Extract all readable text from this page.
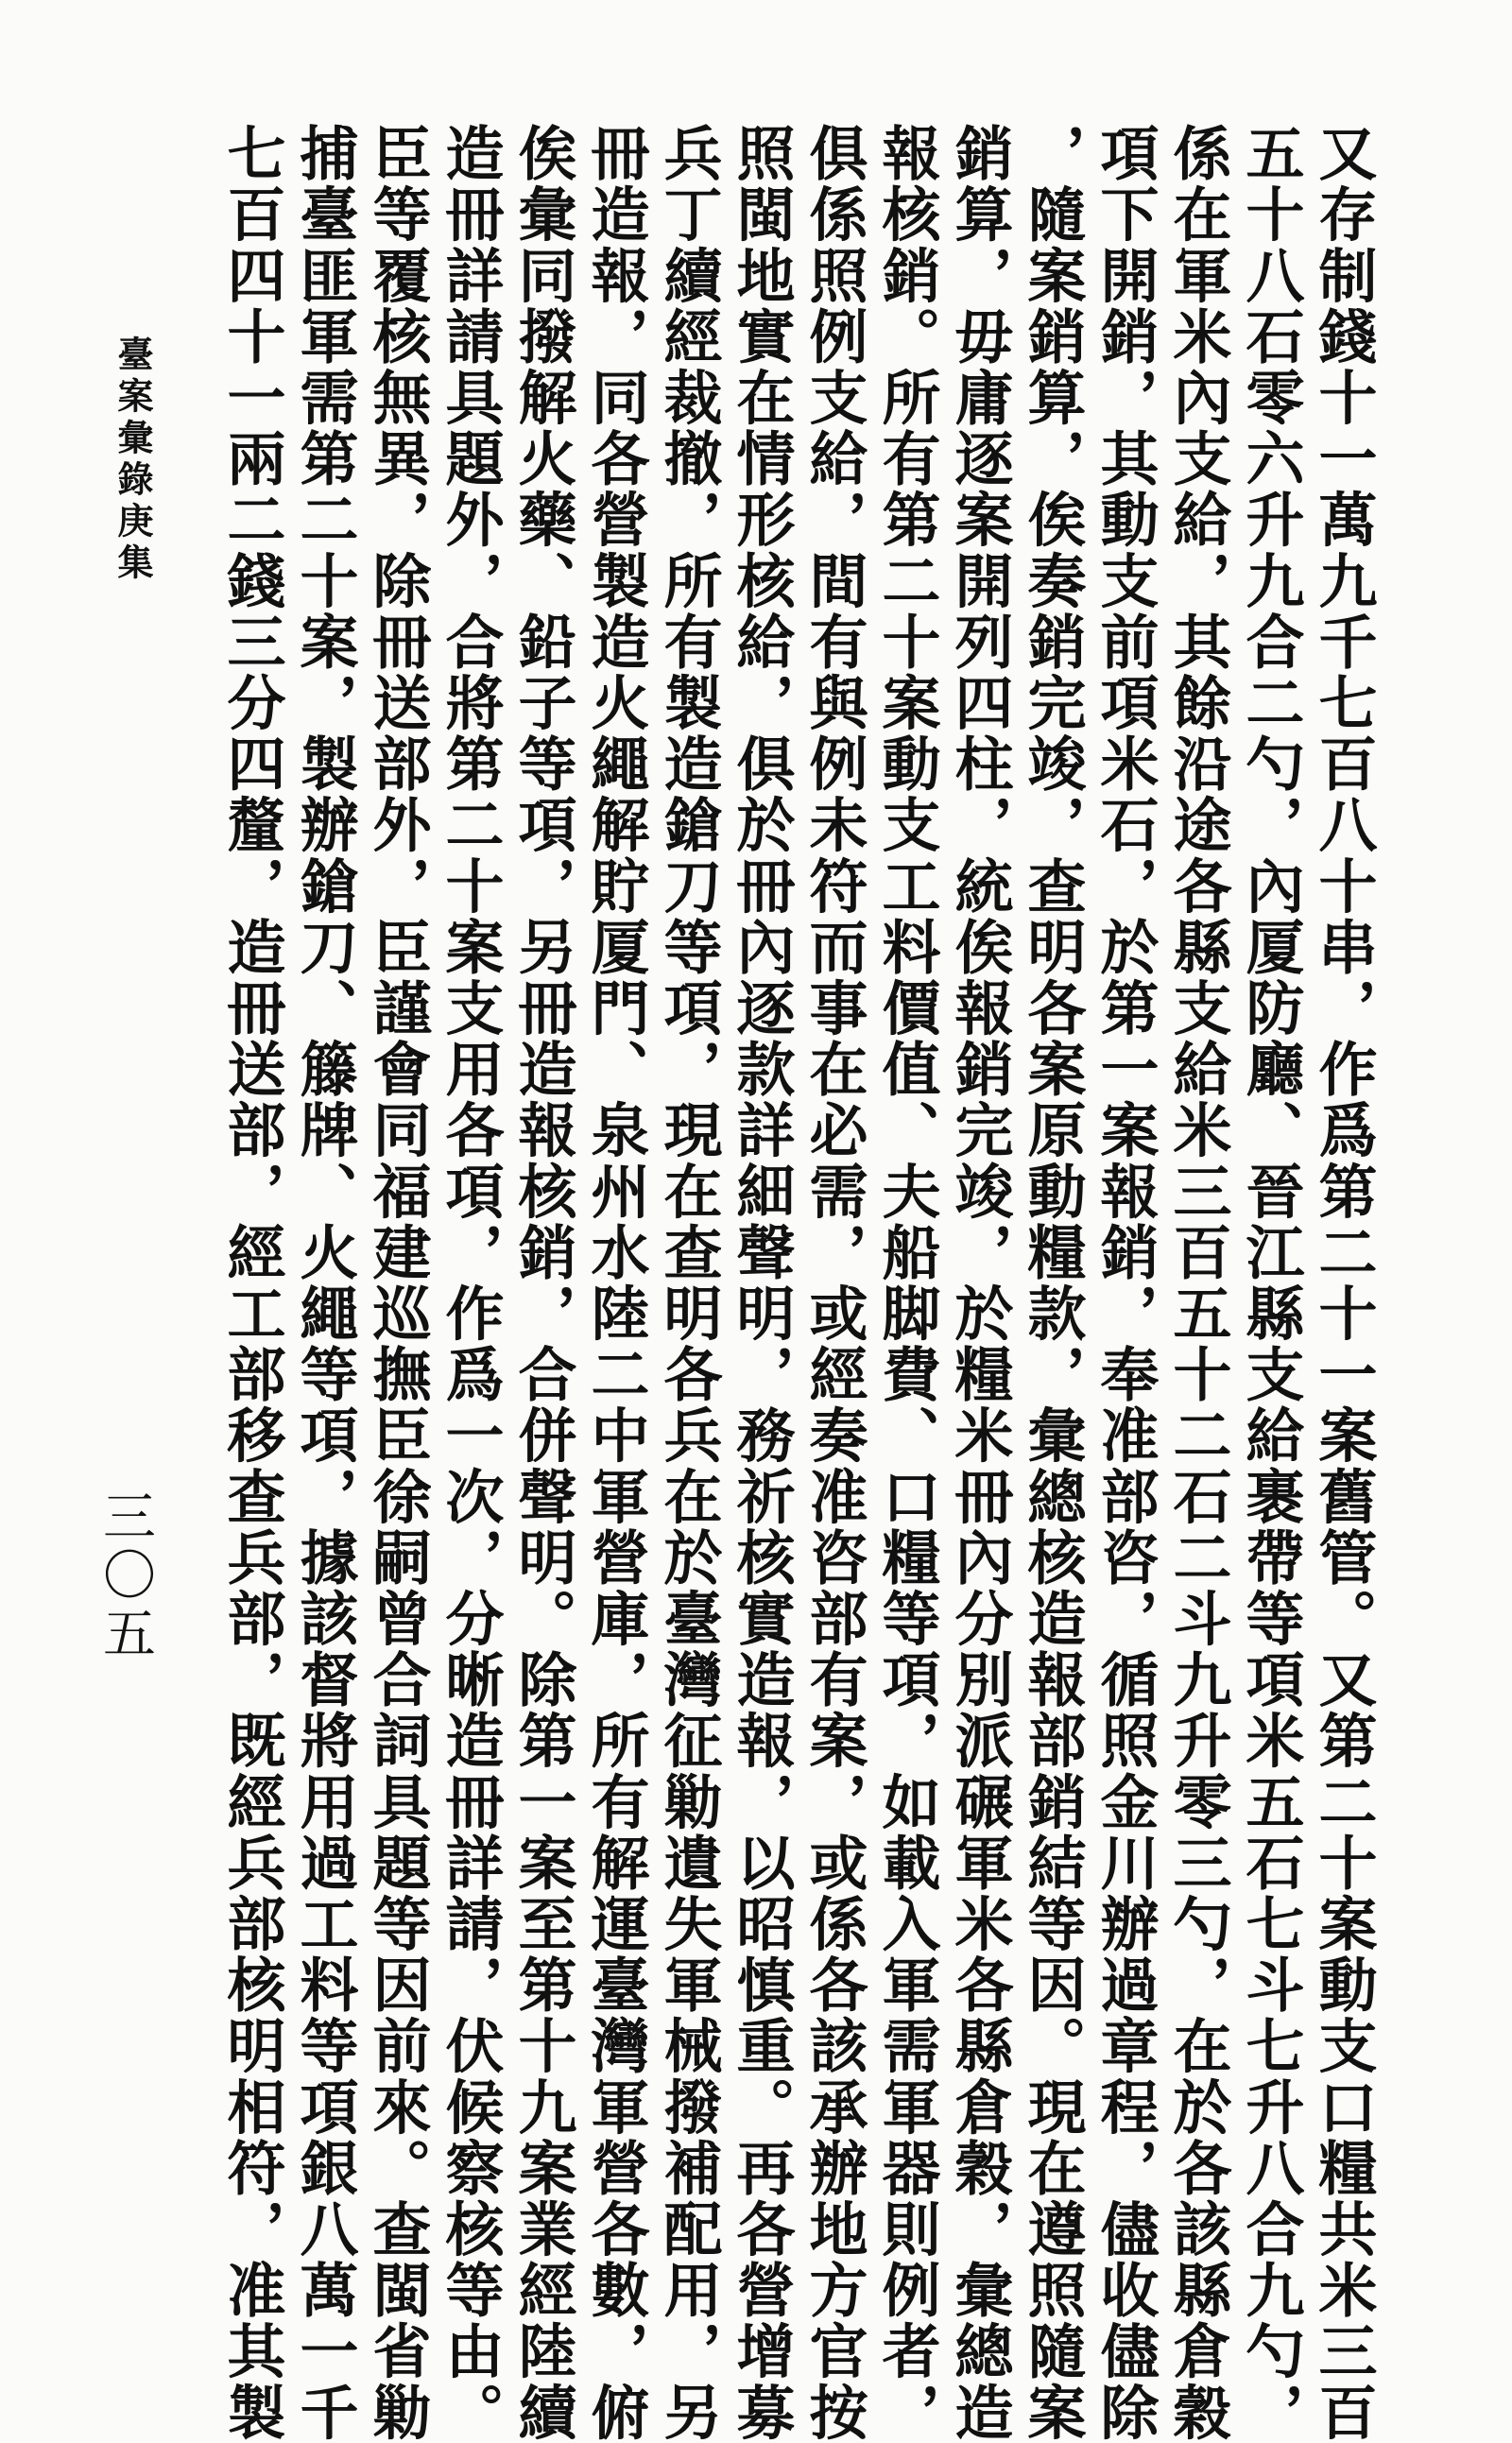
又存制錢十一萬九千七百八十串，作爲第二十一案舊管。又第二十案動支口糧共米三百
五十八石零六升九合二勺，內厦防廳、晉江縣支給裹帶等項米五石七斗七升八合九勺，
係在軍米內支給，其餘沿途各縣支給米三百五十二石二斗九升零三勺，在於各該縣倉穀
項下開銷，其動支前項米石，於第一案報銷，奉准部咨，循照金川辦過章程，儘收儘除
，隨案銷算，俟奏銷完竣，查明各案原動糧款，彙總核造報部銷結等因。現在遵照隨案
銷算，毋庸逐案開列四柱，統俟報銷完竣，於糧米冊內分別派碾軍米各縣倉穀，彙總造
報核銷。所有第二十案動支工料價值、夫船脚費、口糧等項，如載入軍需軍器則例者，
俱係照例支給，間有與例未符而事在必需，或經奏准咨部有案，或係各該承辦地方官按
照閩地實在情形核給，俱於冊內逐款詳細聲明，務祈核實造報，以昭慎重。再各營增募
兵丁續經裁撤，所有製造鎗刀等項，現在查明各兵在於臺灣征勦遺失軍械撥補配用，另
冊造報，同各營製造火繩解貯厦門、泉州水陸二中軍營庫，所有解運臺灣軍營各數，俯
俟彙同撥解火藥、鉛子等項，另冊造報核銷，合併聲明。除第一案至第十九案業經陸續
造冊詳請具題外，合將第二十案支用各項，作爲一次，分晰造冊詳請，伏候察核等由。
臣等覆核無異，除冊送部外，臣謹會同福建巡撫臣徐嗣曾合詞具題等因前來。查閩省勦
捕臺匪軍需第二十案，製辦鎗刀、籐牌、火繩等項，據該督將用過工料等項銀八萬一千
七百四十一兩二錢三分四釐，造冊送部，經工部移查兵部，既經兵部核明相符，准其製
臺案彙錄庚集
三〇五
